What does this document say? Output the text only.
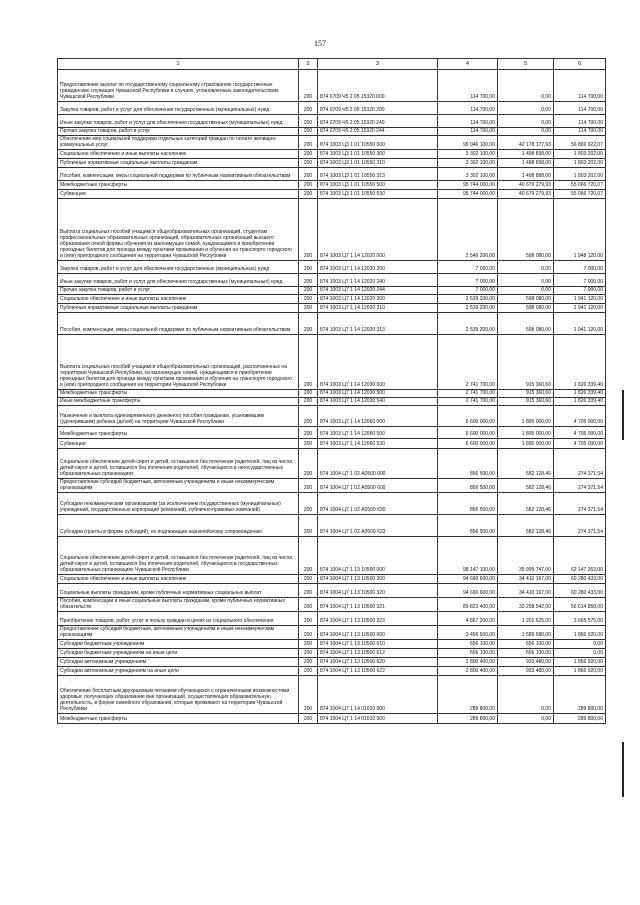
157
1	2	3	4	5	6
Предоставление выплат по государственному социальному страхованию государственных гражданских служащих Чувашской Республики в случаях, установленных законодательством Чувашской Республики	200	874 0709 Ч5 2 05 15320 000	114 700,00	0,00	114 700,00
Закупка товаров, работ и услуг для обеспечения государственных (муниципальных) нужд	200	874 0709 Ч5 2 05 15320 200	114 700,00	0,00	114 700,00
Иные закупки товаров, работ и услуг для обеспечения государственных (муниципальных) нужд	200	874 0709 Ч5 2 05 15320 240	114 700,00	0,00	114 700,00
Прочая закупка товаров, работ и услуг	200	874 0709 Ч5 2 05 15320 244	114 700,00	0,00	114 700,00
Обеспечение мер социальной поддержки отдельных категорий граждан по оплате жилищно-коммунальных услуг	200	874 1003 Ц3 1 01 10550 000	99 046 100,00	42 178 177,93	56 869 922,07
Социальное обеспечение и иные выплаты населению	200	874 1003 Ц3 1 01 10550 300	3 302 100,00	1 498 898,00	1 803 202,00
Публичные нормативные социальные выплаты гражданам	200	874 1003 Ц3 1 01 10550 310	3 302 100,00	1 498 898,00	1 803 202,00
Пособия, компенсации, меры социальной поддержки по публичным нормативным обязательствам	200	874 1003 Ц3 1 01 10550 313	3 302 100,00	1 498 898,00	1 803 202,00
Межбюджетные трансферты	200	874 1003 Ц3 1 01 10550 500	95 744 000,00	40 679 279,93	55 066 720,07
Субвенции	200	874 1003 Ц3 1 01 10550 530	95 744 000,00	40 679 279,93	55 066 720,07
Выплата социальных пособий учащимся общеобразовательных организаций, студентам профессиональных образовательных организаций, образовательных организаций высшего образования очной формы обучения из малоимущих семей, нуждающимся в приобретении проездных билетов для проезда между пунктами проживания и обучения на транспорте городского и (или) пригородного сообщения на территории Чувашской Республики	200	874 1003 Ц7 1 14 12020 000	2 546 200,00	598 080,00	1 948 120,00
Закупка товаров, работ и услуг для обеспечения государственных (муниципальных) нужд	200	874 1003 Ц7 1 14 12020 200	7 000,00	0,00	7 000,00
Иные закупки товаров, работ и услуг для обеспечения государственных (муниципальных) нужд	200	874 1003 Ц7 1 14 12020 240	7 000,00	0,00	7 000,00
Прочая закупка товаров, работ и услуг	200	874 1003 Ц7 1 14 12020 244	7 000,00	0,00	7 000,00
Социальное обеспечение и иные выплаты населению	200	874 1003 Ц7 1 14 12020 300	2 539 200,00	598 080,00	1 941 120,00
Публичные нормативные социальные выплаты гражданам	200	874 1003 Ц7 1 14 12020 310	2 539 200,00	598 080,00	1 941 120,00
Пособия, компенсации, меры социальной поддержки по публичным нормативным обязательствам	200	874 1003 Ц7 1 14 12020 313	2 539 200,00	598 080,00	1 941 120,00
Выплата социальных пособий учащимся общеобразовательных организаций, расположенных на территории Чувашской Республики, из малоимущих семей, нуждающимся в приобретении проездных билетов для проезда между пунктами проживания и обучения на транспорте городского и (или) пригородного сообщения на территории Чувашской Республики	200	874 1003 Ц7 1 14 12030 000	2 741 700,00	915 360,60	1 826 339,40
Межбюджетные трансферты	200	874 1003 Ц7 1 14 12030 500	2 741 700,00	915 360,60	1 826 339,40
Иные межбюджетные трансферты	200	874 1003 Ц7 1 14 12030 540	2 741 700,00	915 360,60	1 826 339,40
Назначение и выплата единовременного денежного пособия гражданам, усыновившим (удочерившим) ребенка (детей) на территории Чувашской Республики	200	874 1003 Ц7 1 14 12060 000	6 600 000,00	1 895 000,00	4 705 000,00
Межбюджетные трансферты	200	874 1003 Ц7 1 14 12060 500	6 600 000,00	1 895 000,00	4 705 000,00
Субвенции	200	874 1003 Ц7 1 14 12060 530	6 600 000,00	1 895 000,00	4 705 000,00
Социальное обеспечение детей-сирот и детей, оставшихся без попечения родителей, лиц из числа детей-сирот и детей, оставшихся без попечения родителей, обучающихся в негосударственных образовательных организациях	200	874 1004 Ц7 1 02 А0500 000	856 500,00	582 128,46	274 371,54
Предоставление субсидий бюджетным, автономным учреждениям и иным некоммерческим организациям	200	874 1004 Ц7 1 02 А0500 600	856 500,00	582 128,46	274 371,54
Субсидии некоммерческим организациям (за исключением государственных (муниципальных) учреждений, государственных корпораций (компаний), публично-правовых компаний)	200	874 1004 Ц7 1 02 А0500 630	856 500,00	582 128,46	274 371,54
Субсидии (гранты в форме субсидий), не подлежащие казначейскому сопровождению	200	874 1004 Ц7 1 02 А0500 633	856 500,00	582 128,46	274 371,54
Социальное обеспечение детей-сирот и детей, оставшихся без попечения родителей, лиц из числа детей-сирот и детей, оставшихся без попечения родителей, обучающихся в государственных образовательных организациях Чувашской Республики	200	874 1004 Ц7 1 13 10500 000	98 147 100,00	35 999 747,00	62 147 353,00
Социальное обеспечение и иные выплаты населению	200	874 1004 Ц7 1 13 10500 300	94 690 600,00	34 410 167,00	60 280 433,00
Социальные выплаты гражданам, кроме публичных нормативных социальных выплат	200	874 1004 Ц7 1 13 10500 320	94 690 600,00	34 410 167,00	60 280 433,00
Пособия, компенсации и иные социальные выплаты гражданам, кроме публичных нормативных обязательств	200	874 1004 Ц7 1 13 10500 321	89 823 400,00	33 208 542,00	56 614 858,00
Приобретение товаров, работ, услуг в пользу граждан в целях их социального обеспечения	200	874 1004 Ц7 1 13 10500 323	4 867 200,00	1 201 625,00	3 665 575,00
Предоставление субсидий бюджетным, автономным учреждениям и иным некоммерческим организациям	200	874 1004 Ц7 1 13 10500 600	3 456 500,00	1 589 580,00	1 866 920,00
Субсидии бюджетным учреждениям	200	874 1004 Ц7 1 13 10500 610	656 100,00	656 100,00	0,00
Субсидии бюджетным учреждениям на иные цели	200	874 1004 Ц7 1 13 10500 612	656 100,00	656 100,00	0,00
Субсидии автономным учреждениям	200	874 1004 Ц7 1 13 10500 620	2 800 400,00	933 480,00	1 866 920,00
Субсидии автономным учреждениям на иные цели	200	874 1004 Ц7 1 13 10500 622	2 800 400,00	933 480,00	1 866 920,00
Обеспечение бесплатным двухразовым питанием обучающихся с ограниченными возможностями здоровья, получающих образование вне организаций, осуществляющих образовательную деятельность, в форме семейного образования, которые проживают на территории Чувашской Республики	200	874 1004 Ц7 1 14 01010 000	289 800,00	0,00	289 800,00
Межбюджетные трансферты	200	874 1004 Ц7 1 14 01010 500	289 800,00	0,00	289 800,00
